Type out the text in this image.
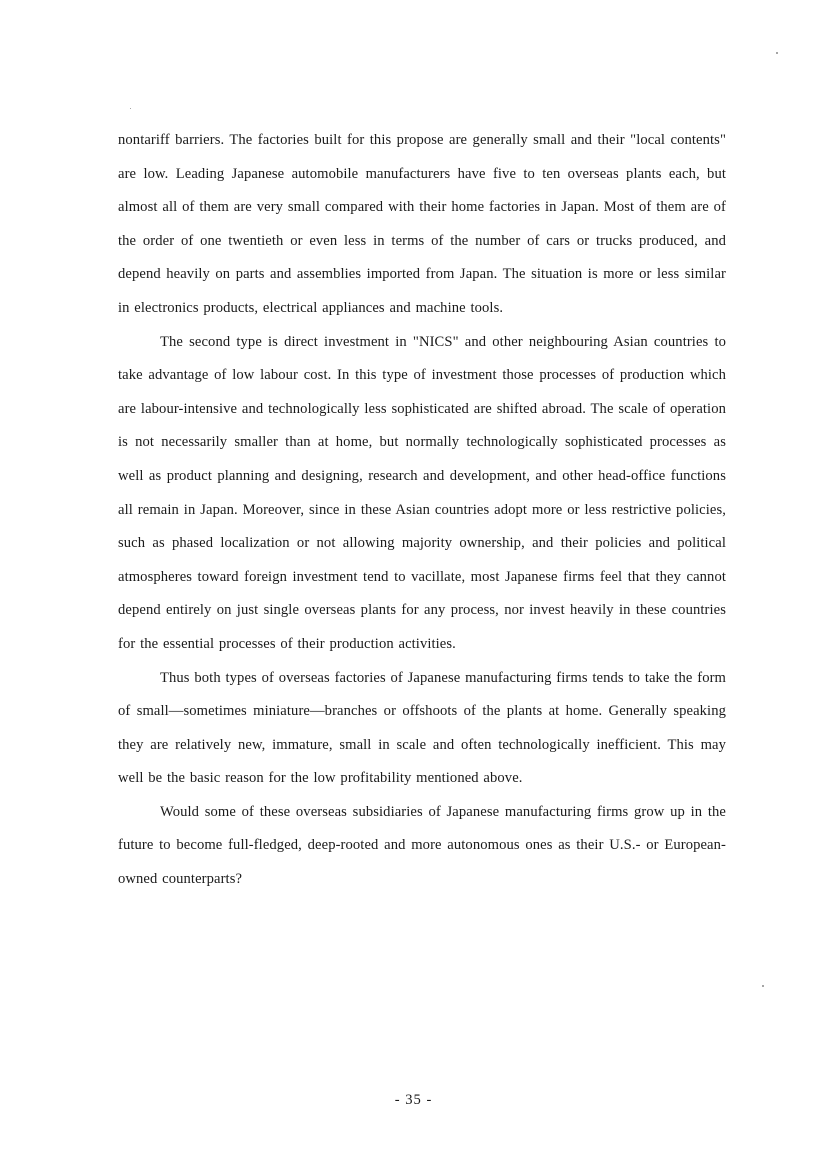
nontariff barriers. The factories built for this propose are generally small and their "local contents" are low. Leading Japanese automobile manufacturers have five to ten overseas plants each, but almost all of them are very small compared with their home factories in Japan. Most of them are of the order of one twentieth or even less in terms of the number of cars or trucks produced, and depend heavily on parts and assemblies imported from Japan. The situation is more or less similar in electronics products, electrical appliances and machine tools.

The second type is direct investment in "NICS" and other neighbouring Asian countries to take advantage of low labour cost. In this type of investment those processes of production which are labour-intensive and technologically less sophisticated are shifted abroad. The scale of operation is not necessarily smaller than at home, but normally technologically sophisticated processes as well as product planning and designing, research and development, and other head-office functions all remain in Japan. Moreover, since in these Asian countries adopt more or less restrictive policies, such as phased localization or not allowing majority ownership, and their policies and political atmospheres toward foreign investment tend to vacillate, most Japanese firms feel that they cannot depend entirely on just single overseas plants for any process, nor invest heavily in these countries for the essential processes of their production activities.

Thus both types of overseas factories of Japanese manufacturing firms tends to take the form of small—sometimes miniature—branches or offshoots of the plants at home. Generally speaking they are relatively new, immature, small in scale and often technologically inefficient. This may well be the basic reason for the low profitability mentioned above.

Would some of these overseas subsidiaries of Japanese manufacturing firms grow up in the future to become full-fledged, deep-rooted and more autonomous ones as their U.S.- or European-owned counterparts?

- 35 -
